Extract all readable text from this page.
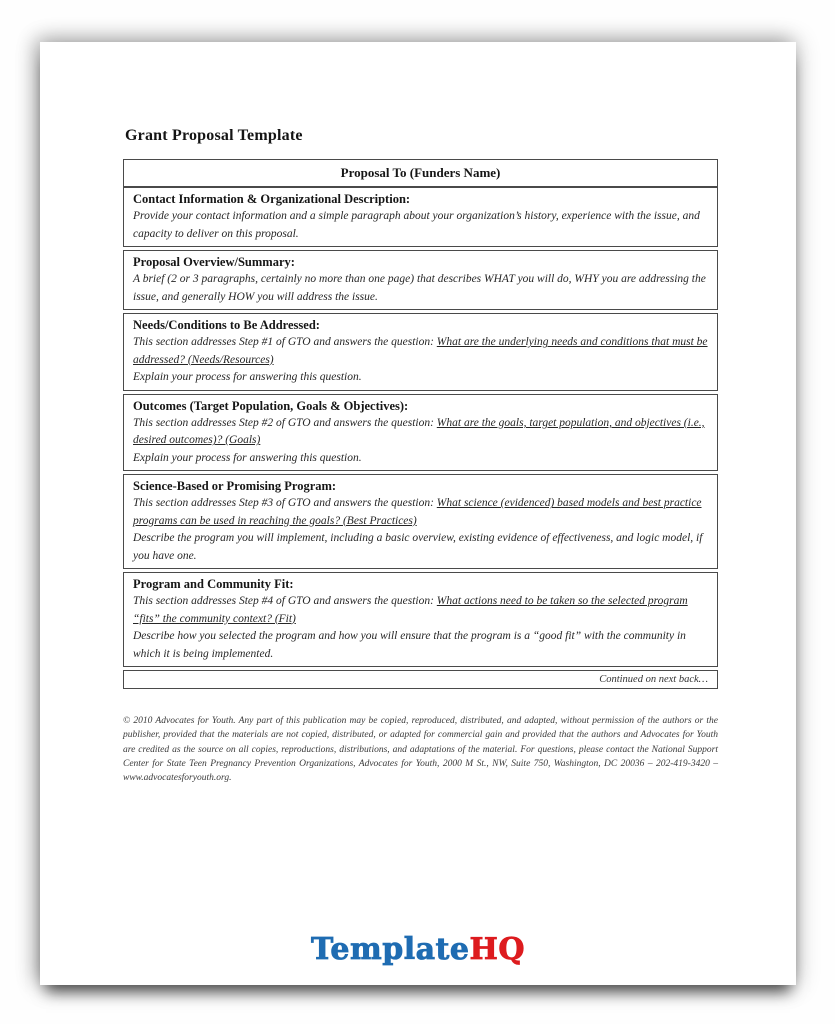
Grant Proposal Template
Proposal To (Funders Name)
Contact Information & Organizational Description:
Provide your contact information and a simple paragraph about your organization’s history, experience with the issue, and capacity to deliver on this proposal.
Proposal Overview/Summary:
A brief (2 or 3 paragraphs, certainly no more than one page) that describes WHAT you will do, WHY you are addressing the issue, and generally HOW you will address the issue.
Needs/Conditions to Be Addressed:
This section addresses Step #1 of GTO and answers the question: What are the underlying needs and conditions that must be addressed? (Needs/Resources)
Explain your process for answering this question.
Outcomes (Target Population, Goals & Objectives):
This section addresses Step #2 of GTO and answers the question: What are the goals, target population, and objectives (i.e., desired outcomes)? (Goals)
Explain your process for answering this question.
Science-Based or Promising Program:
This section addresses Step #3 of GTO and answers the question: What science (evidenced) based models and best practice programs can be used in reaching the goals? (Best Practices)
Describe the program you will implement, including a basic overview, existing evidence of effectiveness, and logic model, if you have one.
Program and Community Fit:
This section addresses Step #4 of GTO and answers the question: What actions need to be taken so the selected program “fits” the community context? (Fit)
Describe how you selected the program and how you will ensure that the program is a “good fit” with the community in which it is being implemented.
Continued on next back…

© 2010 Advocates for Youth. Any part of this publication may be copied, reproduced, distributed, and adapted, without permission of the authors or the publisher, provided that the materials are not copied, distributed, or adapted for commercial gain and provided that the authors and Advocates for Youth are credited as the source on all copies, reproductions, distributions, and adaptations of the material. For questions, please contact the National Support Center for State Teen Pregnancy Prevention Organizations, Advocates for Youth, 2000 M St., NW, Suite 750, Washington, DC 20036 – 202-419-3420 – www.advocatesforyouth.org.

TemplateHQ
